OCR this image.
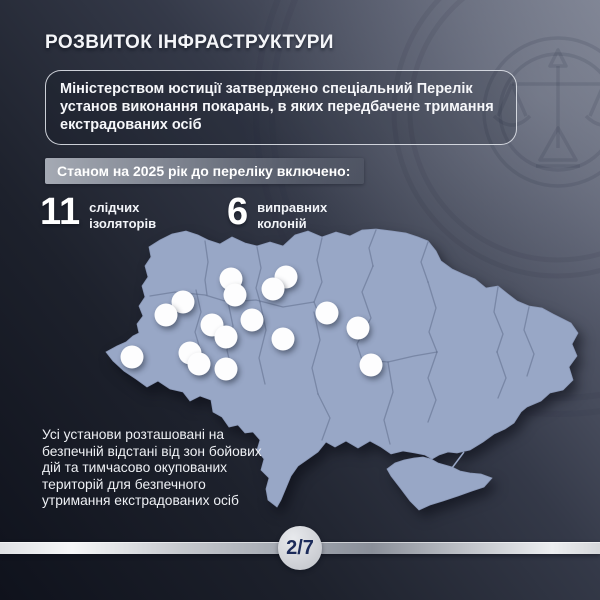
РОЗВИТОК ІНФРАСТРУКТУРИ
Міністерством юстиції затверджено спеціальний Перелік
установ виконання покарань, в яких передбачене тримання
екстрадованих осіб
Станом на 2025 рік до переліку включено:
11 слідчих
ізоляторів 6 виправних
колоній
Усі установи розташовані на
безпечній відстані від зон бойових
дій та тимчасово окупованих
територій для безпечного
утримання екстрадованих осіб
2/7
